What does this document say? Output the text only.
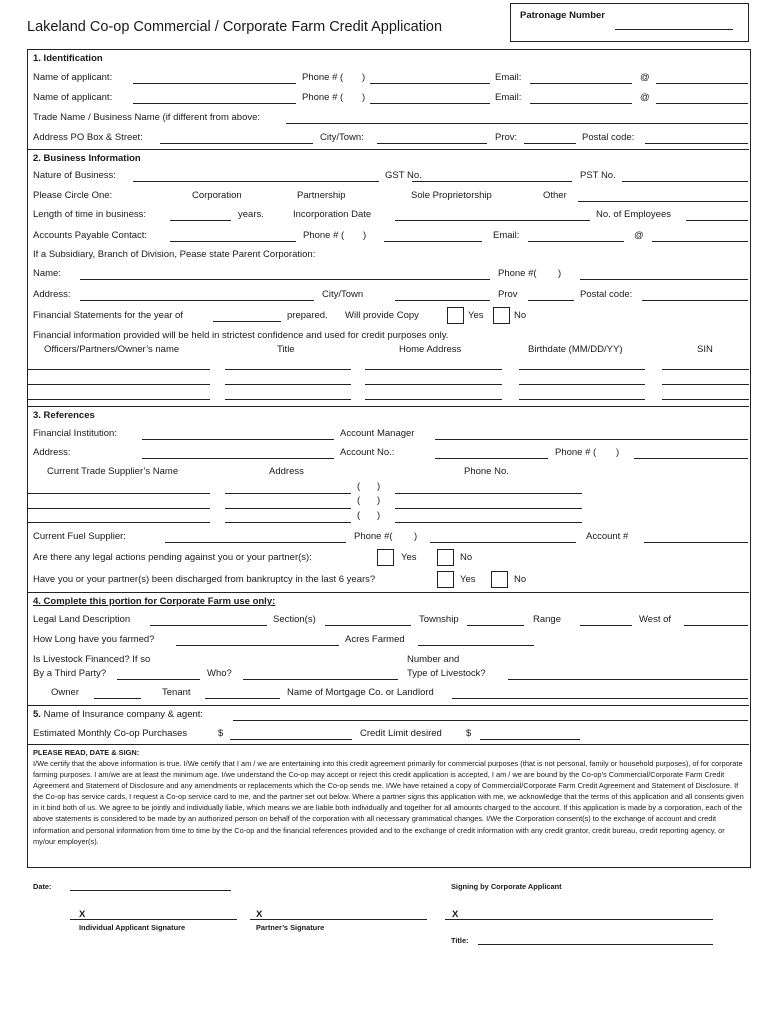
Lakeland Co-op Commercial / Corporate Farm Credit Application
Patronage Number
1. Identification
Name of applicant:	Phone # ( )	Email:	@
Name of applicant:	Phone # ( )	Email:	@
Trade Name / Business Name (if different from above:
Address PO Box & Street:	City/Town:	Prov:	Postal code:
2. Business Information
Nature of Business:	GST No.	PST No.
Please Circle One:	Corporation	Partnership	Sole Proprietorship	Other
Length of time in business:	years.	Incorporation Date	No. of Employees
Accounts Payable Contact:	Phone # ( )	Email:	@
If a Subsidiary, Branch of Division, Pease state Parent Corporation:
Name:	Phone #( )
Address:	City/Town	Prov	Postal code:
Financial Statements for the year of	prepared. Will provide Copy	Yes	No
Financial information provided will be held in strictest confidence and used for credit purposes only.
Officers/Partners/Owner’s name	Title	Home Address	Birthdate (MM/DD/YY)	SIN
3. References
Financial Institution:	Account Manager
Address:	Account No.:	Phone # ( )
Current Trade Supplier’s Name	Address	Phone No.
( )
( )
( )
Current Fuel Supplier:	Phone #( )	Account #
Are there any legal actions pending against you or your partner(s):	Yes	No
Have you or your partner(s) been discharged from bankruptcy in the last 6 years?	Yes	No
4. Complete this portion for Corporate Farm use only:
Legal Land Description	Section(s)	Township	Range	West of
How Long have you farmed?	Acres Farmed
Is Livestock Financed? If so
By a Third Party?	Who?
Number and
Type of Livestock?
Owner	Tenant	Name of Mortgage Co. or Landlord
5. Name of Insurance company & agent:
Estimated Monthly Co-op Purchases	$	Credit Limit desired	$
PLEASE READ, DATE & SIGN:
I/We certify that the above information is true. I/We certify that I am / we are entertaining into this credit agreement primarily for commercial purposes (that is not personal, family or household purposes), of for corporate farming purposes. I am/we are at least the minimum age. I/we understand the Co-op may accept or reject this credit application is accepted, I am / we are bound by the Co-op’s Commercial/Corporate Farm Credit Agreement and Statement of Disclosure and any amendments or replacements which the Co-op sends me. I/We have retained a copy of Commercial/Corporate Farm Credit Agreement and Statement of Disclosure. If the Co-op has service cards, I request a Co-op service card to me, and the partner set out below. Where a partner signs this application with me, we acknowledge that the terms of this application and all consents given in it bind both of us. We agree to be jointly and individually liable, which means we are liable both individually and together for all amounts charged to the account. If this application is made by a corporation, each of the above statements is considered to be made by an authorized person on behalf of the corporation with all necessary grammatical changes. I/We the Corporation consent(s) to the exchange of account and credit information and personal information from time to time by the Co-op and the financial references provided and to the exchange of credit information with any credit grantor, credit bureau, credit reporting agency, or my/our employer(s).
Date:	Signing by Corporate Applicant
X
Individual Applicant Signature
X
Partner’s Signature
X
Title:
